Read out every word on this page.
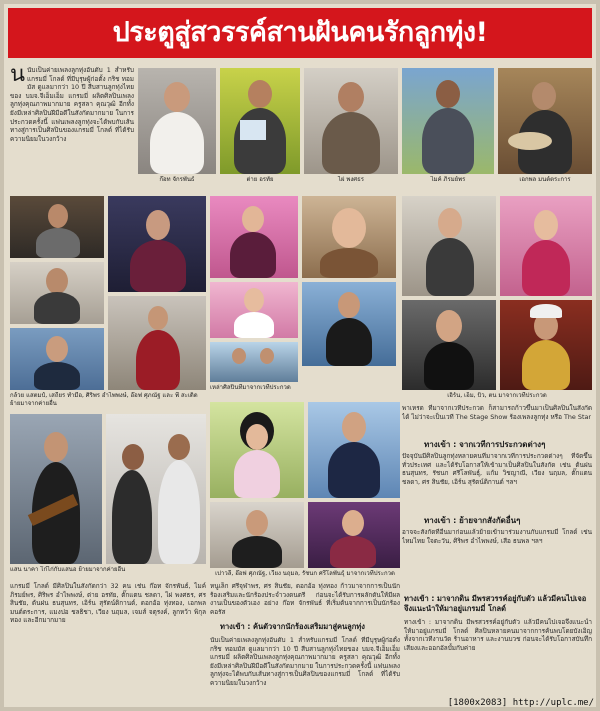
ประตูสู่สวรรค์สานฝันคนรักลูกทุ่ง!
นนับเป็นค่ายเพลงลูกทุ่งอันดับ 1 สำหรับแกรมมี่ โกลด์ ที่มีบุรุษผู้ก่อตั้ง กริช ทอมมัส ดูแลมากว่า 10 ปี สืบสานลูกทุ่งไทยของ บมจ.จีเอ็มเอ็ม แกรมมี่ ผลิตศิลปินเพลงลูกทุ่งคุณภาพมากมาย ครูสลา คุณวุฒิ อีกทั้งยังมีเหล่าศิลปินฝีมือดีในสังกัดมากมาย ในการประกวดครั้งนี้ แฟนเพลงลูกทุ่งจะได้พบกับเส้นทางสู่การเป็นศิลปินของแกรมมี่ โกลด์ ที่ได้รับความนิยมในวงกว้าง
ก๊อท จักรพันธ์	ต่าย อรทัย	ไผ่ พงศธร	ไมค์ ภิรมย์พร	เอกพล มนต์ตระการ
กล้วย แสตมป์, เสถียร ทำมือ, ศิริพร อำไพพงษ์, อ๊อฟ ศุภณัฐ และ พี สะเดิด ย้ายมาจากค่ายอื่น
เหล่าศิลปินที่มาจากเวทีประกวด
เอิร์น, เอ็ม, บิว, ตน มาจากเวทีประกวด
พาเหรด ที่มาจากเวทีประกวด ก็สามารถก้าวขึ้นมาเป็นศิลปินในสังกัดได้ ไม่ว่าจะเป็นเวที The Stage Show ร้องเพลงลูกทุ่ง หรือ The Star
ทางเข้า : จากเวทีการประกวดต่างๆ
ปัจจุบันมีศิลปินลูกทุ่งหลายคนที่มาจากเวทีการประกวดต่างๆ ที่จัดขึ้นทั่วประเทศ และได้รับโอกาสให้เข้ามาเป็นศิลปินในสังกัด เช่น ต้นฝน ธนสุนทร, รัชนก ศรีโลพันธุ์, แก้ม วิชญาณี, เวียง นฤมล, ตั๊กแตน ชลดา, ศร สินชัย, เอิร์น สุรัตน์ติกานต์ ฯลฯ
ทางเข้า : ย้ายจากสังกัดอื่นๆ
อาจจะสังกัดที่อื่นมาก่อนแล้วย้ายเข้ามาร่วมงานกับแกรมมี่ โกลด์ เช่น ไหมไทย ใจตะวัน, ศิริพร อำไพพงษ์, เสือ ธนพล ฯลฯ
แสน นาคา โก๋ไก่กับแสนอ ย้ายมาจากค่ายอื่น
เปาวลี, อ๊อฟ ศุภณัฐ, เวียง นฤมล, รัชนก ศรีโลพันธุ์ มาจากเวทีประกวด
แกรมมี่ โกลด์ มีศิลปินในสังกัดกว่า 32 คน เช่น ก๊อท จักรพันธ์, ไมค์ ภิรมย์พร, ศิริพร อำไพพงษ์, ต่าย อรทัย, ตั๊กแตน ชลดา, ไผ่ พงศธร, ศร สินชัย, ต้นฝน ธนสุนทร, เอิร์น สุรัตน์ติกานต์, ดอกอ้อ ทุ่งทอง, เอกพล มนต์ตระการ, แมงปอ ชลธิชา, เวียง นฤมล, เจมส์ จตุรงค์, ลูกหว้า พิกุลทอง และอีกมากมาย
หนูเล็ก ศรีจุฬาพร, ศร สินชัย, ดอกอ้อ ทุ่งทอง ก้าวมาจากการเป็นนักร้องเสริมและนักร้องประจำวงดนตรี ก่อนจะได้รับการผลักดันให้มีผลงานเป็นของตัวเอง อย่าง ก๊อท จักรพันธ์ ที่เริ่มต้นจากการเป็นนักร้องคอรัส
ทางเข้า : ค้นตัวจากนักร้องเสริมมาสู่คนลูกทุ่ง
นับเป็นค่ายเพลงลูกทุ่งอันดับ 1 สำหรับแกรมมี่ โกลด์ ที่มีบุรุษผู้ก่อตั้ง กริช ทอมมัส ดูแลมากว่า 10 ปี สืบสานลูกทุ่งไทยของ บมจ.จีเอ็มเอ็ม แกรมมี่ ผลิตศิลปินเพลงลูกทุ่งคุณภาพมากมาย ครูสลา คุณวุฒิ อีกทั้งยังมีเหล่าศิลปินฝีมือดีในสังกัดมากมาย ในการประกวดครั้งนี้ แฟนเพลงลูกทุ่งจะได้พบกับเส้นทางสู่การเป็นศิลปินของแกรมมี่ โกลด์ ที่ได้รับความนิยมในวงกว้าง
ทางเข้า : มาจากดิน มีพรสวรรค์อยู่กับตัว แล้วมีคนไปเจอจึงแนะนำให้มาอยู่แกรมมี่ โกลด์
ทางเข้า : มาจากดิน มีพรสวรรค์อยู่กับตัว แล้วมีคนไปเจอจึงแนะนำให้มาอยู่แกรมมี่ โกลด์ ศิลปินหลายคนมาจากการค้นพบโดยบังเอิญ ทั้งจากเวทีงานวัด ร้านอาหาร และงานบวช ก่อนจะได้รับโอกาสบันทึกเสียงและออกอัลบั้มกับค่าย
[1800x2083] http://uplc.me/
